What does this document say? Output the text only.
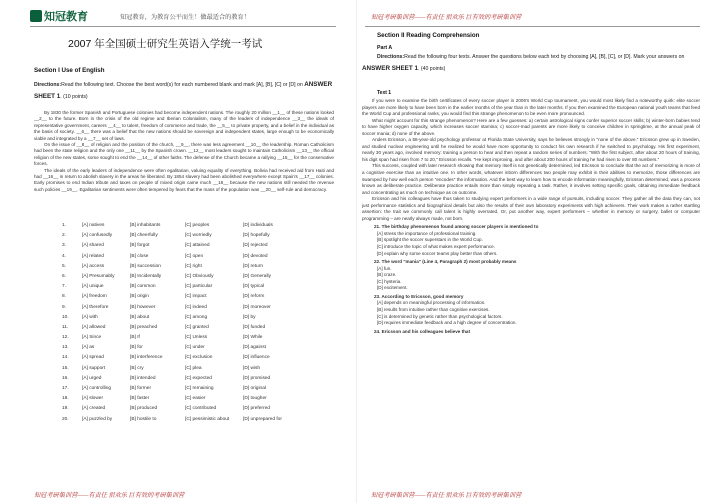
知冠教育	知冠教育，为教育公平而生！做最适合的教育！
2007 年全国硕士研究生英语入学统一考试
Section I Use of English
Directions:Read the following text. Choose the best word(s) for each numbered blank and mark [A], [B], [C] or [D] on ANSWER SHEET 1. (10 points)

By 1830 the former Spanish and Portuguese colonies had become independent nations. The roughly 20 million __1__ of these nations looked __2__ to the future. Born in the crisis of the old regime and Iberian Colonialism, many of the leaders of independence __3__ the ideals of representative government, careers __4__ to talent, freedom of commerce and trade, the __5__ to private property, and a belief in the individual as the basis of society. __6__ there was a belief that the new nations should be sovereign and independent states, large enough to be economically viable and integrated by a __7__ set of laws.

On the issue of __8__ of religion and the position of the church, __9__, there was less agreement __10__ the leadership. Roman Catholicism had been the state religion and the only one __11__ by the Spanish crown. __12__ most leaders sought to maintain Catholicism __13__ the official religion of the new states, some sought to end the __14__ of other faiths. The defense of the Church became a rallying __15__ for the conservative forces.

The ideals of the early leaders of independence were often egalitarian, valuing equality of everything. Bolivia had received aid from Haiti and had __16__ in return to abolish slavery in the areas he liberated. By 1854 slavery had been abolished everywhere except Spain's __17__ colonies. Early promises to end Indian tribute and taxes on people of mixed origin came much __18__ because the new nations still needed the revenue such policies __19__. Egalitarian sentiments were often tempered by fears that the mass of the population was __20__ self-rule and democracy.

1.	[A] natives	[B] inhabitants	[C] peoples	[D] individuals
2.	[A] confusedly	[B] cheerfully	[C] worriedly	[D] hopefully
3.	[A] shared	[B] forgot	[C] attained	[D] rejected
4.	[A] related	[B] close	[C] open	[D] devoted
5.	[A] access	[B] succession	[C] right	[D] return
6.	[A] Presumably	[B] Incidentally	[C] Obviously	[D] Generally
7.	[A] unique	[B] common	[C] particular	[D] typical
8.	[A] freedom	[B] origin	[C] impact	[D] reform
9.	[A] therefore	[B] however	[C] indeed	[D] moreover
10.	[A] with	[B] about	[C] among	[D] by
11.	[A] allowed	[B] preached	[C] granted	[D] funded
12.	[A] Since	[B] If	[C] Unless	[D] While
13.	[A] as	[B] for	[C] under	[D] against
14.	[A] spread	[B] interference	[C] exclusion	[D] influence
15.	[A] support	[B] cry	[C] plea	[D] wish
16.	[A] urged	[B] intended	[C] expected	[D] promised
17.	[A] controlling	[B] former	[C] remaining	[D] original
18.	[A] slower	[B] faster	[C] easier	[D] tougher
19.	[A] created	[B] produced	[C] contributed	[D] preferred
20.	[A] puzzled by	[B] hostile to	[C] pessimistic about	[D] unprepared for
知冠考研集训营——有责任 很欢乐 巨有效的考研集训营
知冠考研集训营——有责任 很欢乐 巨有效的考研集训营
Section II Reading Comprehension
Part A
Directions:Read the following four texts. Answer the questions below each text by choosing [A], [B], [C], or [D]. Mark your answers on ANSWER SHEET 1. (40 points)
Text 1

If you were to examine the birth certificates of every soccer player in 2006's World Cup tournament, you would most likely find a noteworthy quirk: elite soccer players are more likely to have been born in the earlier months of the year than in the later months. If you then examined the European national youth teams that feed the World Cup and professional ranks, you would find this strange phenomenon to be even more pronounced.

What might account for this strange phenomenon? Here are a few guesses: a) certain astrological signs confer superior soccer skills; b) winter-born babies tend to have higher oxygen capacity, which increases soccer stamina; c) soccer-mad parents are more likely to conceive children in springtime, at the annual peak of soccer mania; d) none of the above.

Anders Ericsson, a 58-year-old psychology professor at Florida State University, says he believes strongly in "none of the above." Ericsson grew up in Sweden, and studied nuclear engineering until he realized he would have more opportunity to conduct his own research if he switched to psychology. His first experiment, nearly 30 years ago, involved memory: training a person to hear and then repeat a random series of numbers. "With the first subject, after about 20 hours of training, his digit span had risen from 7 to 20," Ericsson recalls. "He kept improving, and after about 200 hours of training he had risen to over 80 numbers."

This success, coupled with later research showing that memory itself is not genetically determined, led Ericsson to conclude that the act of memorizing is more of a cognitive exercise than an intuitive one. In other words, whatever inborn differences two people may exhibit in their abilities to memorize, those differences are swamped by how well each person "encodes" the information. And the best way to learn how to encode information meaningfully, Ericsson determined, was a process known as deliberate practice. Deliberate practice entails more than simply repeating a task. Rather, it involves setting specific goals, obtaining immediate feedback and concentrating as much on technique as on outcome.

Ericsson and his colleagues have thus taken to studying expert performers in a wide range of pursuits, including soccer. They gather all the data they can, not just performance statistics and biographical details but also the results of their own laboratory experiments with high achievers. Their work makes a rather startling assertion: the trait we commonly call talent is highly overrated. Or, put another way, expert performers – whether in memory or surgery, ballet or computer programming – are nearly always made, not born.

21. The birthday phenomenon found among soccer players is mentioned to
[A] stress the importance of professional training.
[B] spotlight the soccer superstars in the World Cup.
[C] introduce the topic of what makes expert performance.
[D] explain why some soccer teams play better than others.
22. The word "mania" (Line 4, Paragraph 2) most probably means
[A] fun.
[B] craze.
[C] hysteria.
[D] excitement.
23. According to Ericsson, good memory
[A] depends on meaningful processing of information.
[B] results from intuitive rather than cognitive exercises.
[C] is determined by genetic rather than psychological factors.
[D] requires immediate feedback and a high degree of concentration.
24. Ericsson and his colleagues believe that
知冠考研集训营——有责任 很欢乐 巨有效的考研集训营
